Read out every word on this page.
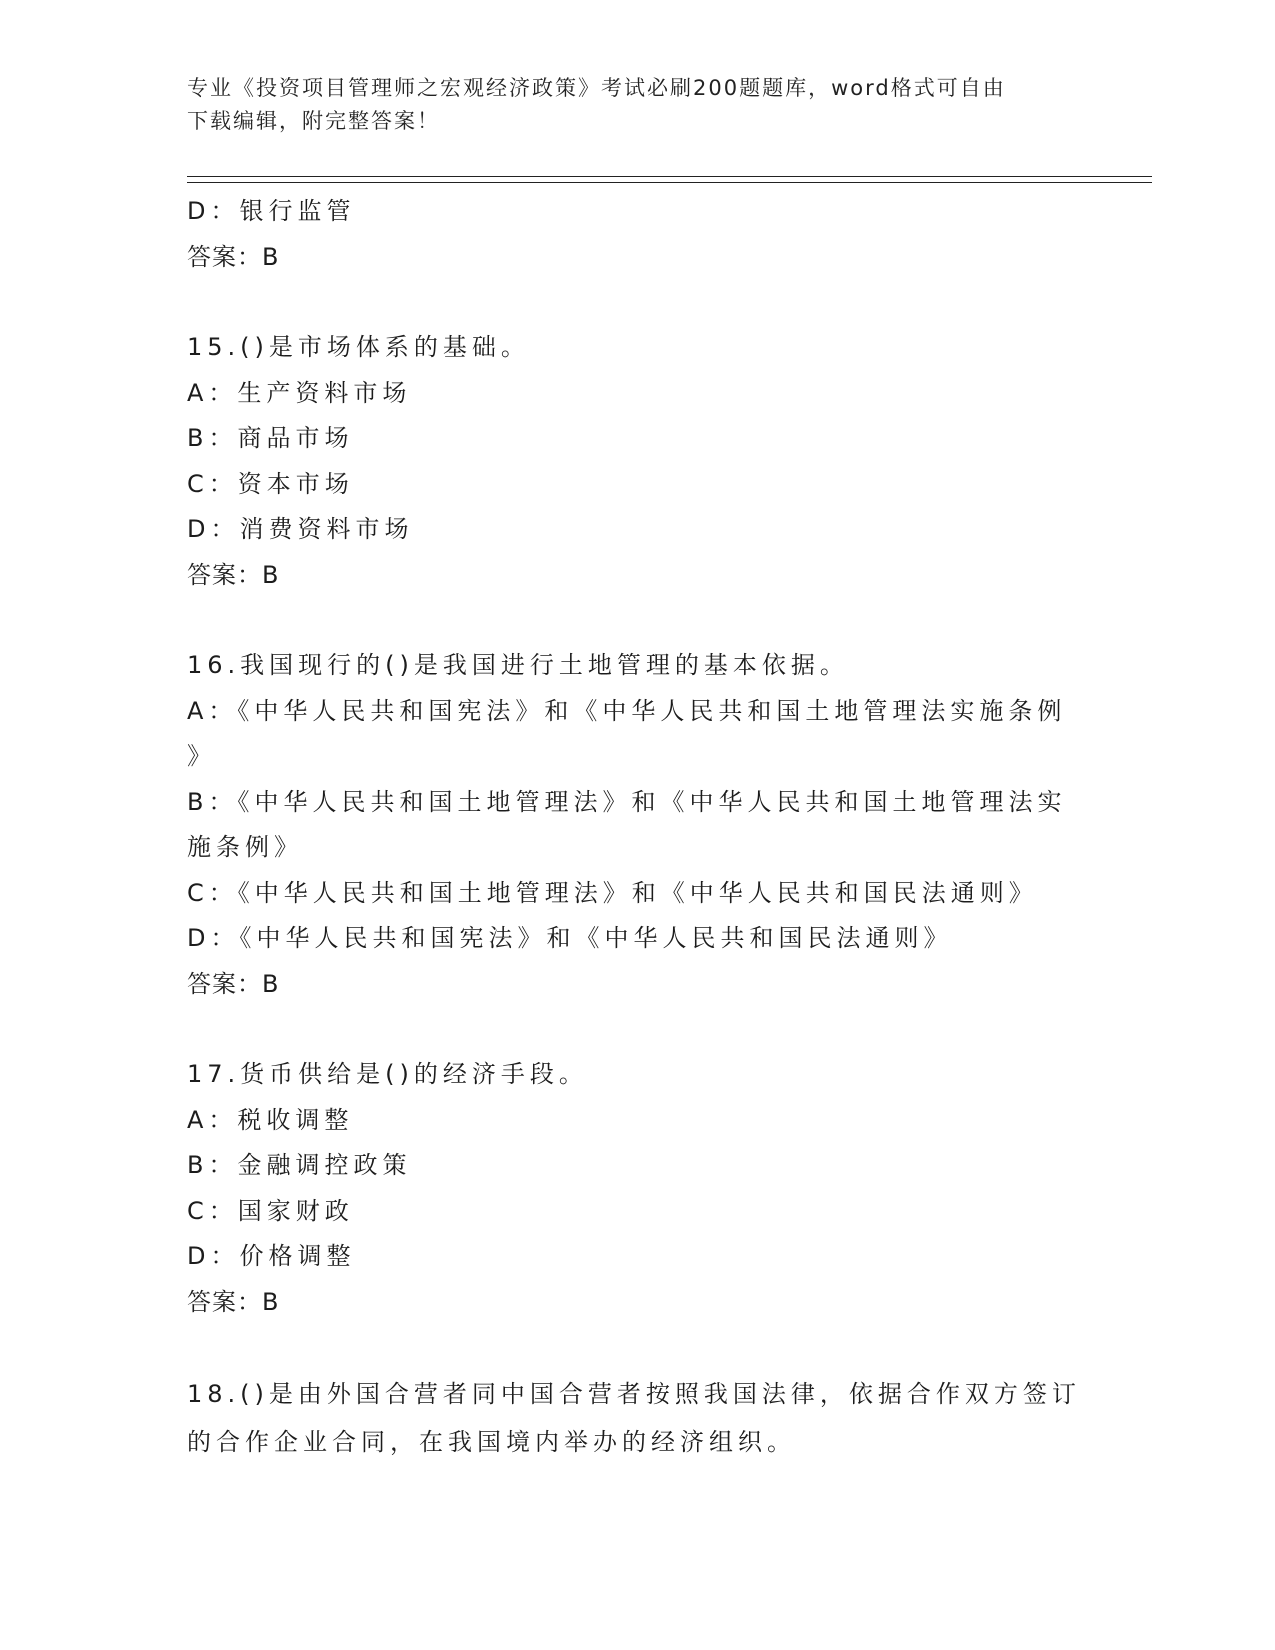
专业《投资项目管理师之宏观经济政策》考试必刷200题题库，word格式可自由
下载编辑，附完整答案！
D：银行监管
答案：B
15.()是市场体系的基础。
A：生产资料市场
B：商品市场
C：资本市场
D：消费资料市场
答案：B
16.我国现行的()是我国进行土地管理的基本依据。
A：《中华人民共和国宪法》和《中华人民共和国土地管理法实施条例
》
B：《中华人民共和国土地管理法》和《中华人民共和国土地管理法实
施条例》
C：《中华人民共和国土地管理法》和《中华人民共和国民法通则》
D：《中华人民共和国宪法》和《中华人民共和国民法通则》
答案：B
17.货币供给是()的经济手段。
A：税收调整
B：金融调控政策
C：国家财政
D：价格调整
答案：B
18.()是由外国合营者同中国合营者按照我国法律，依据合作双方签订
的合作企业合同，在我国境内举办的经济组织。
